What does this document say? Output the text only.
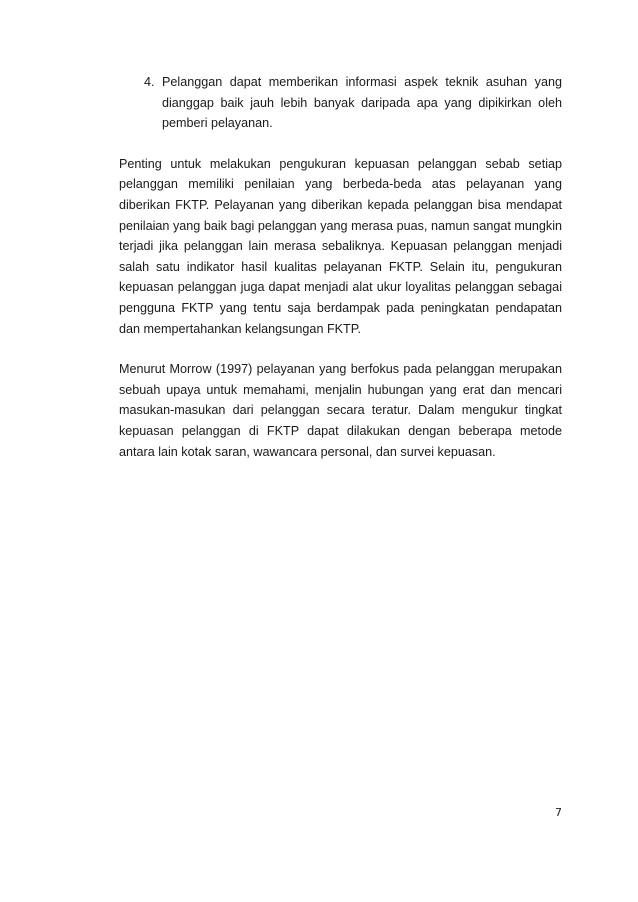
4. Pelanggan dapat memberikan informasi aspek teknik asuhan yang dianggap baik jauh lebih banyak daripada apa yang dipikirkan oleh pemberi pelayanan.

Penting untuk melakukan pengukuran kepuasan pelanggan sebab setiap pelanggan memiliki penilaian yang berbeda-beda atas pelayanan yang diberikan FKTP. Pelayanan yang diberikan kepada pelanggan bisa mendapat penilaian yang baik bagi pelanggan yang merasa puas, namun sangat mungkin terjadi jika pelanggan lain merasa sebaliknya. Kepuasan pelanggan menjadi salah satu indikator hasil kualitas pelayanan FKTP. Selain itu, pengukuran kepuasan pelanggan juga dapat menjadi alat ukur loyalitas pelanggan sebagai pengguna FKTP yang tentu saja berdampak pada peningkatan pendapatan dan mempertahankan kelangsungan FKTP.

Menurut Morrow (1997) pelayanan yang berfokus pada pelanggan merupakan sebuah upaya untuk memahami, menjalin hubungan yang erat dan mencari masukan-masukan dari pelanggan secara teratur. Dalam mengukur tingkat kepuasan pelanggan di FKTP dapat dilakukan dengan beberapa metode antara lain kotak saran, wawancara personal, dan survei kepuasan.

7
